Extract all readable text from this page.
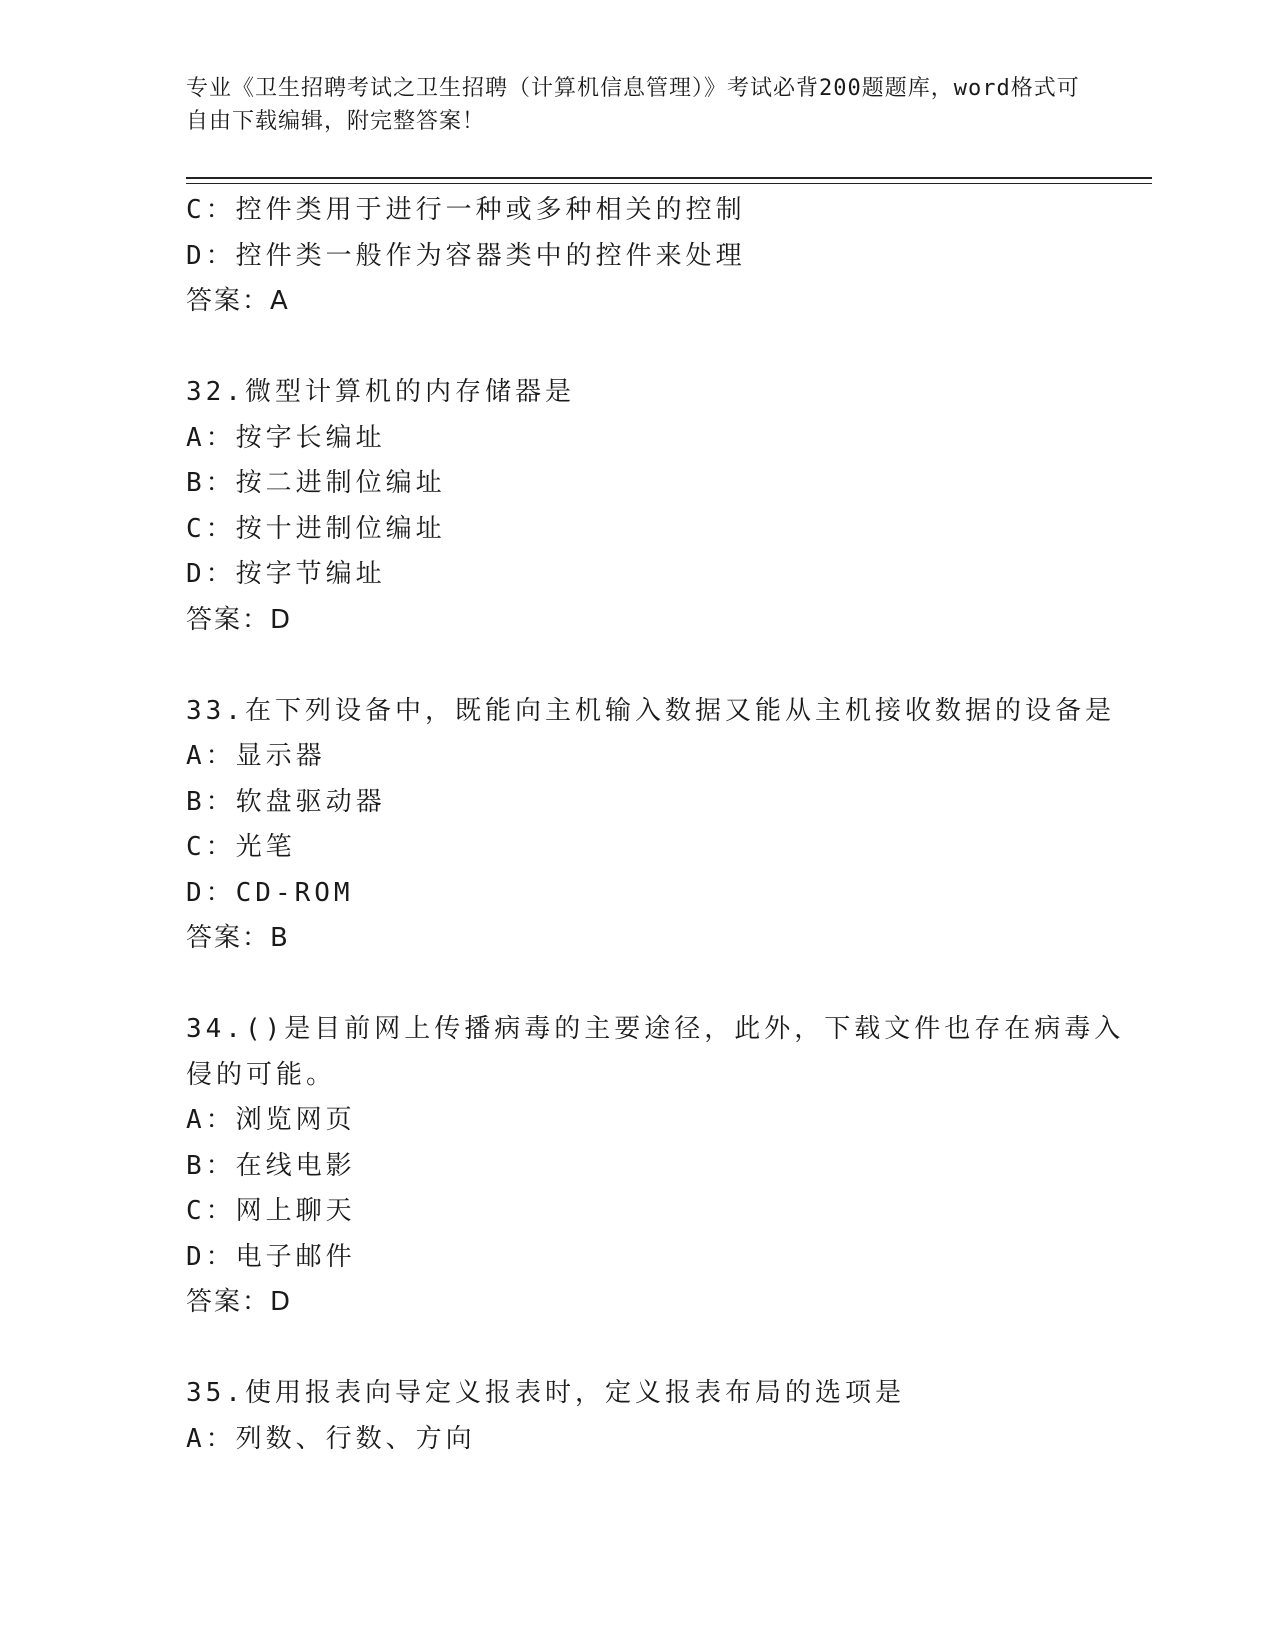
专业《卫生招聘考试之卫生招聘（计算机信息管理）》考试必背200题题库，word格式可自由下载编辑，附完整答案！
C：控件类用于进行一种或多种相关的控制
D：控件类一般作为容器类中的控件来处理
答案：A
32.微型计算机的内存储器是
A：按字长编址
B：按二进制位编址
C：按十进制位编址
D：按字节编址
答案：D
33.在下列设备中，既能向主机输入数据又能从主机接收数据的设备是
A：显示器
B：软盘驱动器
C：光笔
D：CD-ROM
答案：B
34.()是目前网上传播病毒的主要途径，此外，下载文件也存在病毒入
侵的可能。
A：浏览网页
B：在线电影
C：网上聊天
D：电子邮件
答案：D
35.使用报表向导定义报表时，定义报表布局的选项是
A：列数、行数、方向
